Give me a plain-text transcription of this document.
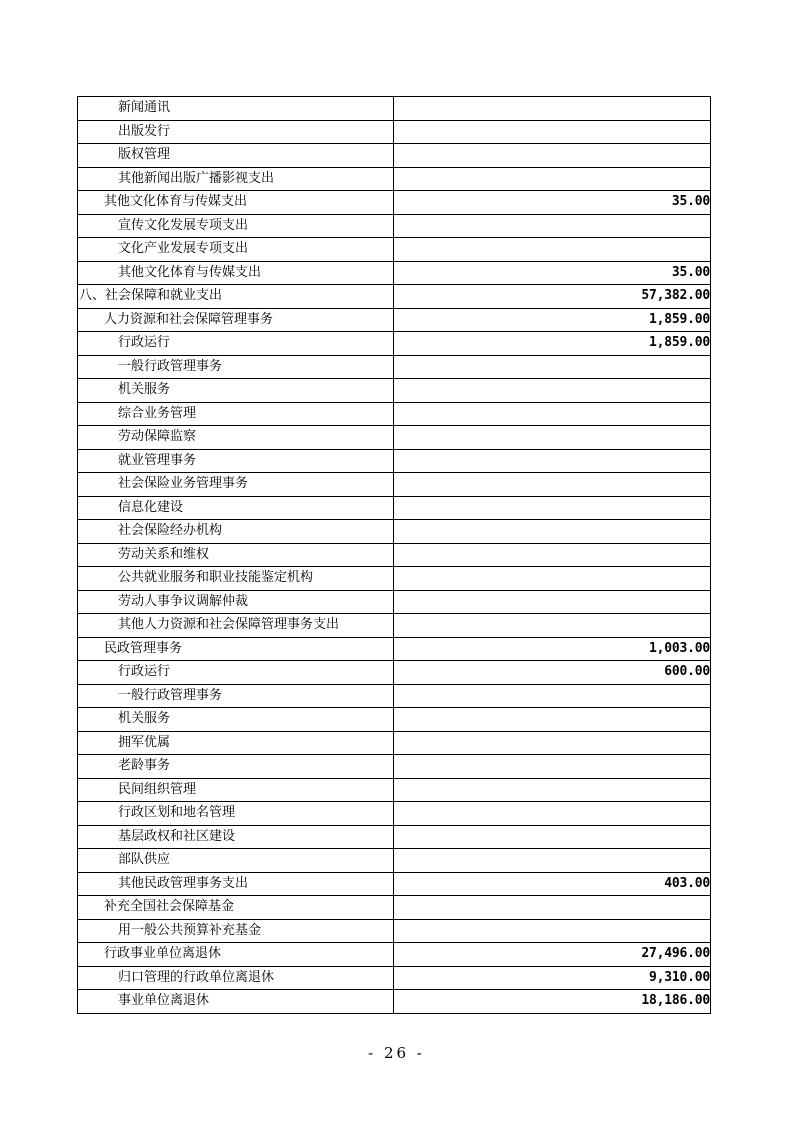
新闻通讯	
出版发行	
版权管理	
其他新闻出版广播影视支出	
其他文化体育与传媒支出	35.00
宣传文化发展专项支出	
文化产业发展专项支出	
其他文化体育与传媒支出	35.00
八、社会保障和就业支出	57,382.00
人力资源和社会保障管理事务	1,859.00
行政运行	1,859.00
一般行政管理事务	
机关服务	
综合业务管理	
劳动保障监察	
就业管理事务	
社会保险业务管理事务	
信息化建设	
社会保险经办机构	
劳动关系和维权	
公共就业服务和职业技能鉴定机构	
劳动人事争议调解仲裁	
其他人力资源和社会保障管理事务支出	
民政管理事务	1,003.00
行政运行	600.00
一般行政管理事务	
机关服务	
拥军优属	
老龄事务	
民间组织管理	
行政区划和地名管理	
基层政权和社区建设	
部队供应	
其他民政管理事务支出	403.00
补充全国社会保障基金	
用一般公共预算补充基金	
行政事业单位离退休	27,496.00
归口管理的行政单位离退休	9,310.00
事业单位离退休	18,186.00
- 26 -
